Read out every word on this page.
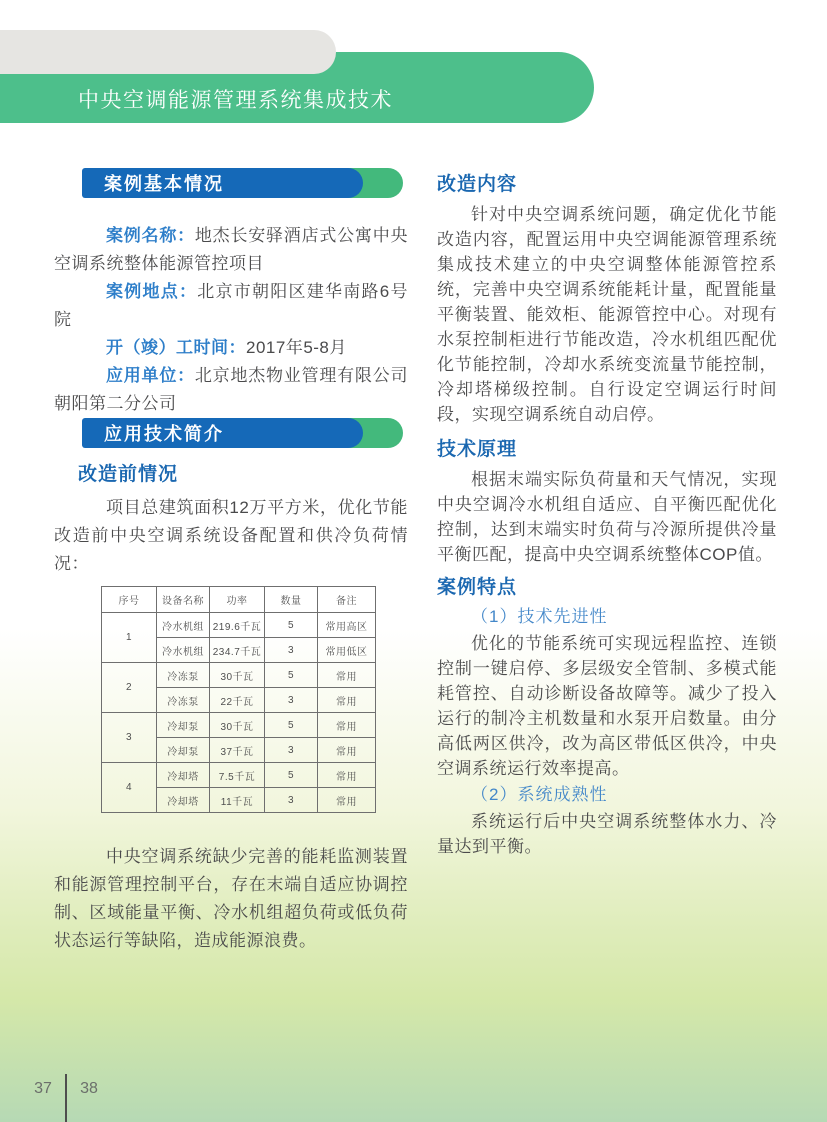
中央空调能源管理系统集成技术
案例基本情况

案例名称：地杰长安驿酒店式公寓中央空调系统整体能源管控项目

案例地点：北京市朝阳区建华南路6号院

开（竣）工时间：2017年5-8月

应用单位：北京地杰物业管理有限公司朝阳第二分公司

应用技术简介
改造前情况

项目总建筑面积12万平方米，优化节能改造前中央空调系统设备配置和供冷负荷情况：

序号	设备名称	功率	数量	备注
1	冷水机组	219.6千瓦	5	常用高区
	冷水机组	234.7千瓦	3	常用低区
2	冷冻泵	30千瓦	5	常用
	冷冻泵	22千瓦	3	常用
3	冷却泵	30千瓦	5	常用
	冷却泵	37千瓦	3	常用
4	冷却塔	7.5千瓦	5	常用
	冷却塔	11千瓦	3	常用

中央空调系统缺少完善的能耗监测装置和能源管理控制平台，存在末端自适应协调控制、区域能量平衡、冷水机组超负荷或低负荷状态运行等缺陷，造成能源浪费。

改造内容

针对中央空调系统问题，确定优化节能改造内容，配置运用中央空调能源管理系统集成技术建立的中央空调整体能源管控系统，完善中央空调系统能耗计量，配置能量平衡装置、能效柜、能源管控中心。对现有水泵控制柜进行节能改造，冷水机组匹配优化节能控制，冷却水系统变流量节能控制，冷却塔梯级控制。自行设定空调运行时间段，实现空调系统自动启停。

技术原理

根据末端实际负荷量和天气情况，实现中央空调冷水机组自适应、自平衡匹配优化控制，达到末端实时负荷与冷源所提供冷量平衡匹配，提高中央空调系统整体COP值。

案例特点
（1）技术先进性

优化的节能系统可实现远程监控、连锁控制一键启停、多层级安全管制、多模式能耗管控、自动诊断设备故障等。减少了投入运行的制冷主机数量和水泵开启数量。由分高低两区供冷，改为高区带低区供冷，中央空调系统运行效率提高。

（2）系统成熟性

系统运行后中央空调系统整体水力、冷量达到平衡。

37 38
